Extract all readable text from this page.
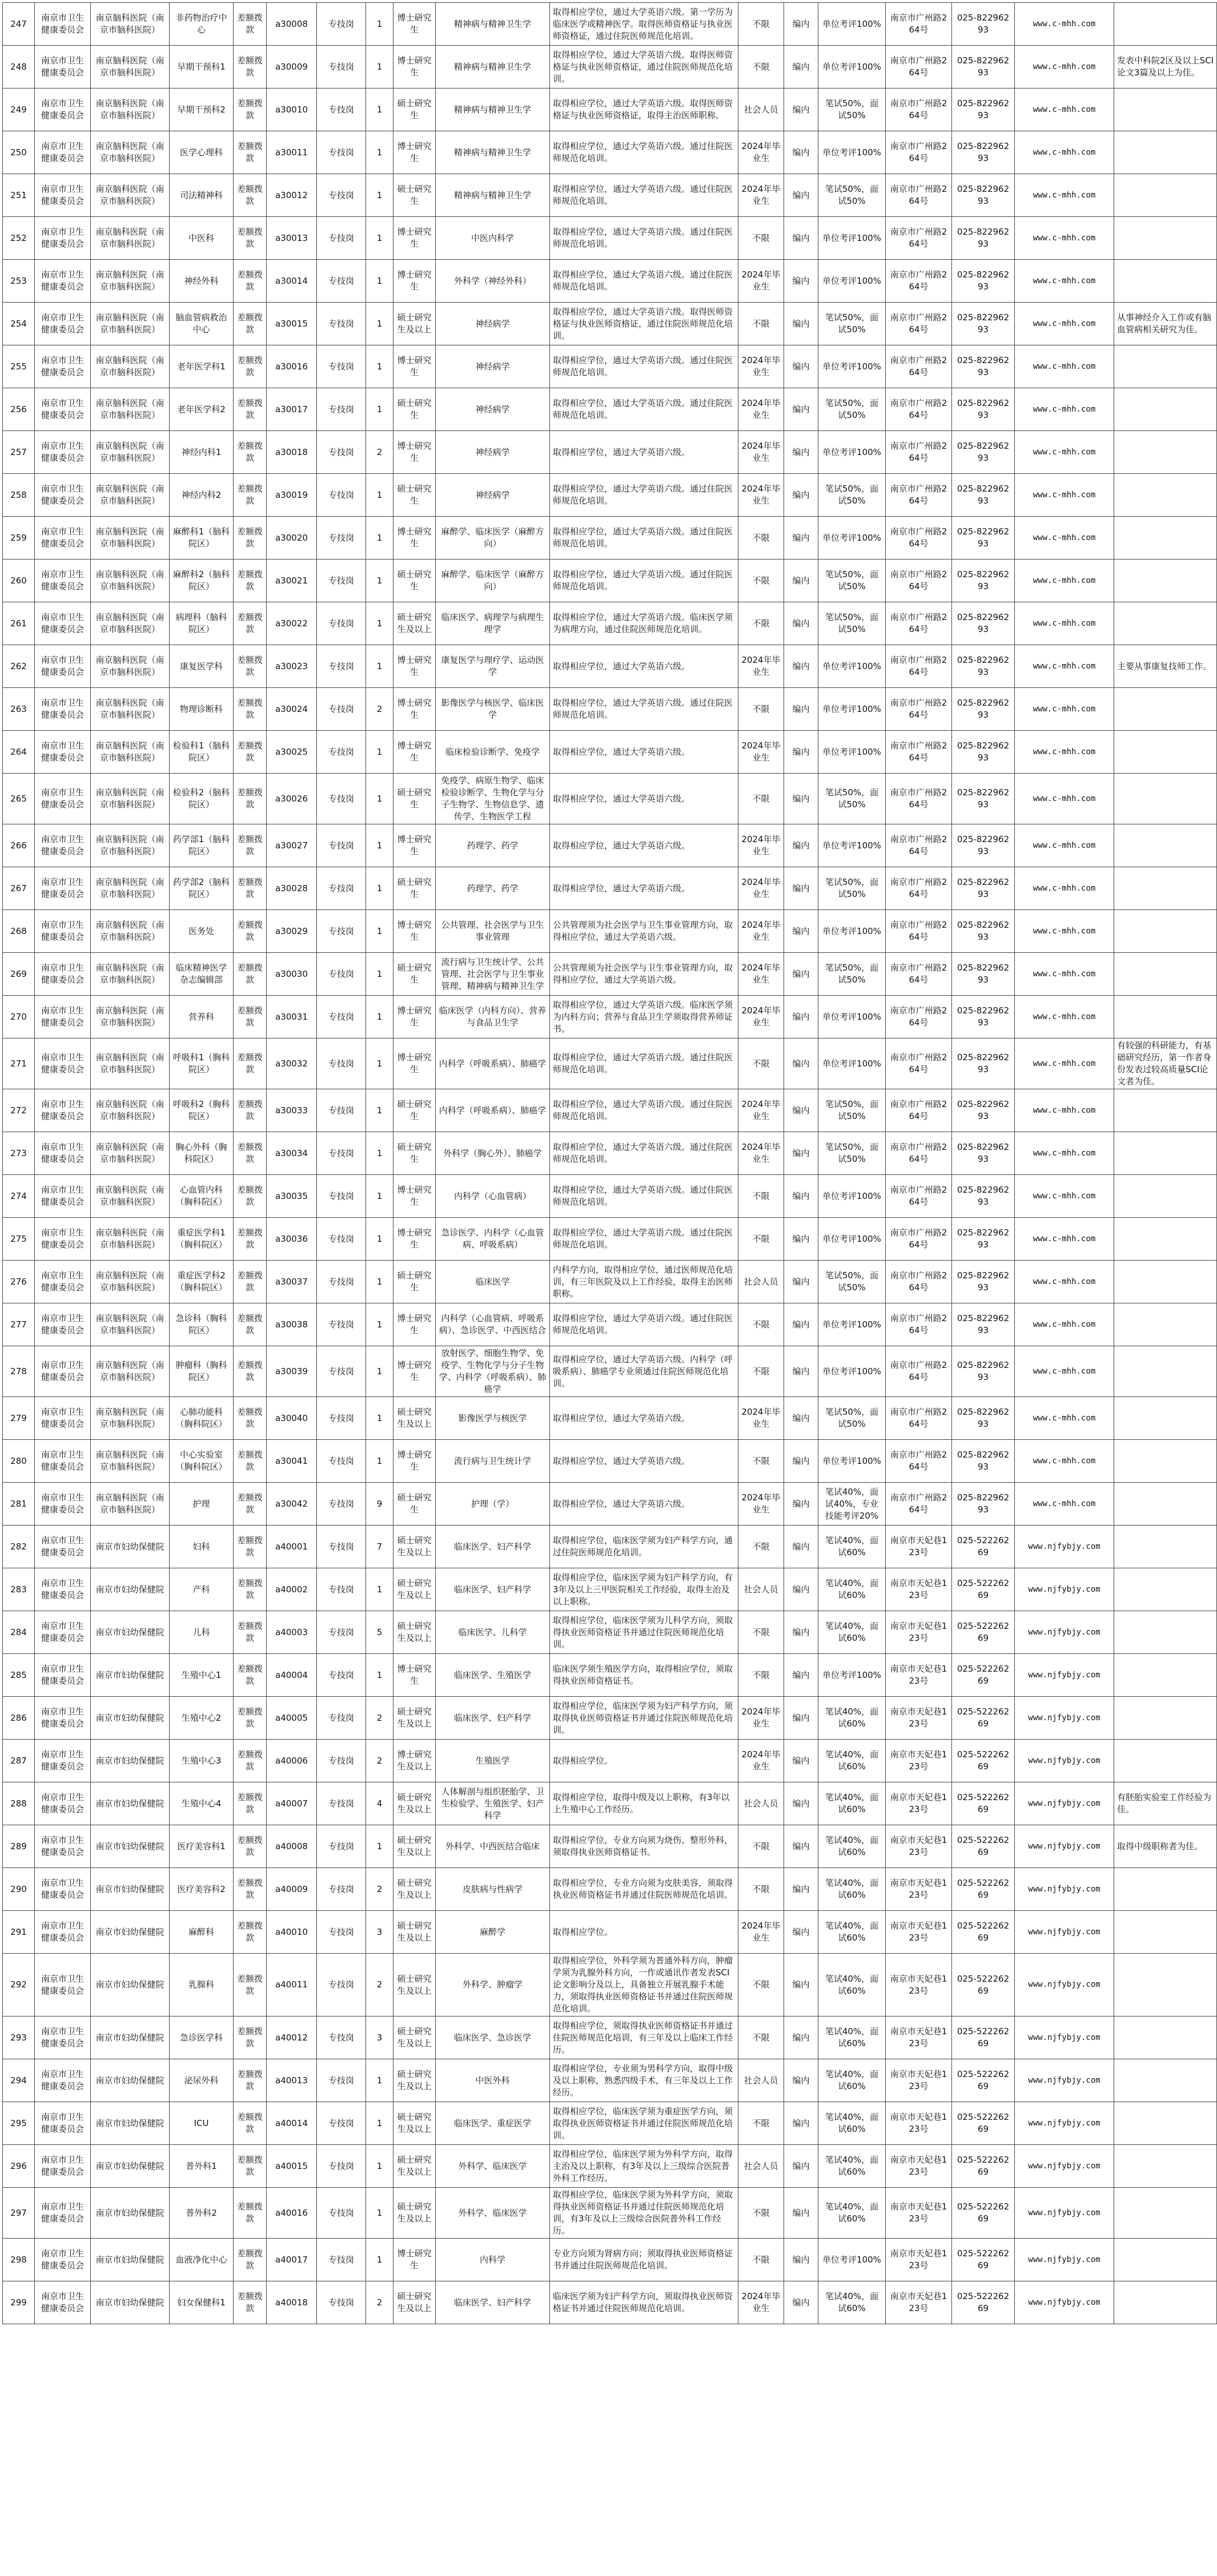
247	南京市卫生健康委员会	南京脑科医院（南京市脑科医院）	非药物治疗中心	差额拨款	a30008	专技岗	1	博士研究生	精神病与精神卫生学	取得相应学位，通过大学英语六级。第一学历为临床医学或精神医学。取得医师资格证与执业医师资格证，通过住院医师规范化培训。	不限	编内	单位考评100%	南京市广州路264号	025-82296293	www.c-mhh.com	
248	南京市卫生健康委员会	南京脑科医院（南京市脑科医院）	早期干预科1	差额拨款	a30009	专技岗	1	博士研究生	精神病与精神卫生学	取得相应学位，通过大学英语六级。取得医师资格证与执业医师资格证，通过住院医师规范化培训。	不限	编内	单位考评100%	南京市广州路264号	025-82296293	www.c-mhh.com	发表中科院2区及以上SCI论文3篇及以上为佳。
249	南京市卫生健康委员会	南京脑科医院（南京市脑科医院）	早期干预科2	差额拨款	a30010	专技岗	1	硕士研究生	精神病与精神卫生学	取得相应学位，通过大学英语六级。取得医师资格证与执业医师资格证，取得主治医师职称。	社会人员	编内	笔试50%，面试50%	南京市广州路264号	025-82296293	www.c-mhh.com	
250	南京市卫生健康委员会	南京脑科医院（南京市脑科医院）	医学心理科	差额拨款	a30011	专技岗	1	博士研究生	精神病与精神卫生学	取得相应学位，通过大学英语六级。通过住院医师规范化培训。	2024年毕业生	编内	单位考评100%	南京市广州路264号	025-82296293	www.c-mhh.com	
251	南京市卫生健康委员会	南京脑科医院（南京市脑科医院）	司法精神科	差额拨款	a30012	专技岗	1	硕士研究生	精神病与精神卫生学	取得相应学位，通过大学英语六级。通过住院医师规范化培训。	2024年毕业生	编内	笔试50%，面试50%	南京市广州路264号	025-82296293	www.c-mhh.com	
252	南京市卫生健康委员会	南京脑科医院（南京市脑科医院）	中医科	差额拨款	a30013	专技岗	1	博士研究生	中医内科学	取得相应学位，通过大学英语六级。通过住院医师规范化培训。	不限	编内	单位考评100%	南京市广州路264号	025-82296293	www.c-mhh.com	
253	南京市卫生健康委员会	南京脑科医院（南京市脑科医院）	神经外科	差额拨款	a30014	专技岗	1	博士研究生	外科学（神经外科）	取得相应学位，通过大学英语六级。通过住院医师规范化培训。	2024年毕业生	编内	单位考评100%	南京市广州路264号	025-82296293	www.c-mhh.com	
254	南京市卫生健康委员会	南京脑科医院（南京市脑科医院）	脑血管病救治中心	差额拨款	a30015	专技岗	1	硕士研究生及以上	神经病学	取得相应学位，通过大学英语六级。取得医师资格证与执业医师资格证，通过住院医师规范化培训。	不限	编内	笔试50%，面试50%	南京市广州路264号	025-82296293	www.c-mhh.com	从事神经介入工作或有脑血管病相关研究为佳。
255	南京市卫生健康委员会	南京脑科医院（南京市脑科医院）	老年医学科1	差额拨款	a30016	专技岗	1	博士研究生	神经病学	取得相应学位，通过大学英语六级。通过住院医师规范化培训。	2024年毕业生	编内	单位考评100%	南京市广州路264号	025-82296293	www.c-mhh.com	
256	南京市卫生健康委员会	南京脑科医院（南京市脑科医院）	老年医学科2	差额拨款	a30017	专技岗	1	硕士研究生	神经病学	取得相应学位，通过大学英语六级。通过住院医师规范化培训。	2024年毕业生	编内	笔试50%，面试50%	南京市广州路264号	025-82296293	www.c-mhh.com	
257	南京市卫生健康委员会	南京脑科医院（南京市脑科医院）	神经内科1	差额拨款	a30018	专技岗	2	博士研究生	神经病学	取得相应学位，通过大学英语六级。	2024年毕业生	编内	单位考评100%	南京市广州路264号	025-82296293	www.c-mhh.com	
258	南京市卫生健康委员会	南京脑科医院（南京市脑科医院）	神经内科2	差额拨款	a30019	专技岗	1	硕士研究生	神经病学	取得相应学位，通过大学英语六级。通过住院医师规范化培训。	2024年毕业生	编内	笔试50%，面试50%	南京市广州路264号	025-82296293	www.c-mhh.com	
259	南京市卫生健康委员会	南京脑科医院（南京市脑科医院）	麻醉科1（脑科院区）	差额拨款	a30020	专技岗	1	博士研究生	麻醉学、临床医学（麻醉方向）	取得相应学位，通过大学英语六级。通过住院医师规范化培训。	不限	编内	单位考评100%	南京市广州路264号	025-82296293	www.c-mhh.com	
260	南京市卫生健康委员会	南京脑科医院（南京市脑科医院）	麻醉科2（脑科院区）	差额拨款	a30021	专技岗	1	硕士研究生	麻醉学、临床医学（麻醉方向）	取得相应学位，通过大学英语六级。通过住院医师规范化培训。	不限	编内	笔试50%，面试50%	南京市广州路264号	025-82296293	www.c-mhh.com	
261	南京市卫生健康委员会	南京脑科医院（南京市脑科医院）	病理科（脑科院区）	差额拨款	a30022	专技岗	1	硕士研究生及以上	临床医学、病理学与病理生理学	取得相应学位，通过大学英语六级。临床医学须为病理方向，通过住院医师规范化培训。	不限	编内	笔试50%，面试50%	南京市广州路264号	025-82296293	www.c-mhh.com	
262	南京市卫生健康委员会	南京脑科医院（南京市脑科医院）	康复医学科	差额拨款	a30023	专技岗	1	博士研究生	康复医学与理疗学、运动医学	取得相应学位，通过大学英语六级。	2024年毕业生	编内	单位考评100%	南京市广州路264号	025-82296293	www.c-mhh.com	主要从事康复技师工作。
263	南京市卫生健康委员会	南京脑科医院（南京市脑科医院）	物理诊断科	差额拨款	a30024	专技岗	2	博士研究生	影像医学与核医学、临床医学	取得相应学位，通过大学英语六级。通过住院医师规范化培训。	不限	编内	单位考评100%	南京市广州路264号	025-82296293	www.c-mhh.com	
264	南京市卫生健康委员会	南京脑科医院（南京市脑科医院）	检验科1（脑科院区）	差额拨款	a30025	专技岗	1	博士研究生	临床检验诊断学、免疫学	取得相应学位，通过大学英语六级。	2024年毕业生	编内	单位考评100%	南京市广州路264号	025-82296293	www.c-mhh.com	
265	南京市卫生健康委员会	南京脑科医院（南京市脑科医院）	检验科2（脑科院区）	差额拨款	a30026	专技岗	1	硕士研究生	免疫学、病原生物学、临床检验诊断学、生物化学与分子生物学、生物信息学、遗传学、生物医学工程	取得相应学位，通过大学英语六级。	不限	编内	笔试50%，面试50%	南京市广州路264号	025-82296293	www.c-mhh.com	
266	南京市卫生健康委员会	南京脑科医院（南京市脑科医院）	药学部1（脑科院区）	差额拨款	a30027	专技岗	1	博士研究生	药理学、药学	取得相应学位，通过大学英语六级。	2024年毕业生	编内	单位考评100%	南京市广州路264号	025-82296293	www.c-mhh.com	
267	南京市卫生健康委员会	南京脑科医院（南京市脑科医院）	药学部2（脑科院区）	差额拨款	a30028	专技岗	1	硕士研究生	药理学、药学	取得相应学位，通过大学英语六级。	2024年毕业生	编内	笔试50%，面试50%	南京市广州路264号	025-82296293	www.c-mhh.com	
268	南京市卫生健康委员会	南京脑科医院（南京市脑科医院）	医务处	差额拨款	a30029	专技岗	1	博士研究生	公共管理、社会医学与卫生事业管理	公共管理须为社会医学与卫生事业管理方向，取得相应学位，通过大学英语六级。	2024年毕业生	编内	单位考评100%	南京市广州路264号	025-82296293	www.c-mhh.com	
269	南京市卫生健康委员会	南京脑科医院（南京市脑科医院）	临床精神医学杂志编辑部	差额拨款	a30030	专技岗	1	硕士研究生	流行病与卫生统计学、公共管理、社会医学与卫生事业管理、精神病与精神卫生学	公共管理须为社会医学与卫生事业管理方向，取得相应学位，通过大学英语六级。	2024年毕业生	编内	笔试50%，面试50%	南京市广州路264号	025-82296293	www.c-mhh.com	
270	南京市卫生健康委员会	南京脑科医院（南京市脑科医院）	营养科	差额拨款	a30031	专技岗	1	博士研究生	临床医学（内科方向）、营养与食品卫生学	取得相应学位，通过大学英语六级。临床医学须为内科方向；营养与食品卫生学须取得营养师证书。	2024年毕业生	编内	单位考评100%	南京市广州路264号	025-82296293	www.c-mhh.com	
271	南京市卫生健康委员会	南京脑科医院（南京市脑科医院）	呼吸科1（胸科院区）	差额拨款	a30032	专技岗	1	博士研究生	内科学（呼吸系病）、肺癌学	取得相应学位，通过大学英语六级。通过住院医师规范化培训。	不限	编内	单位考评100%	南京市广州路264号	025-82296293	www.c-mhh.com	有较强的科研能力，有基础研究经历，第一作者身份发表过较高质量SCI论文者为佳。
272	南京市卫生健康委员会	南京脑科医院（南京市脑科医院）	呼吸科2（胸科院区）	差额拨款	a30033	专技岗	1	硕士研究生	内科学（呼吸系病）、肺癌学	取得相应学位，通过大学英语六级。通过住院医师规范化培训。	2024年毕业生	编内	笔试50%，面试50%	南京市广州路264号	025-82296293	www.c-mhh.com	
273	南京市卫生健康委员会	南京脑科医院（南京市脑科医院）	胸心外科（胸科院区）	差额拨款	a30034	专技岗	1	硕士研究生	外科学（胸心外）、肺癌学	取得相应学位，通过大学英语六级。通过住院医师规范化培训。	2024年毕业生	编内	笔试50%，面试50%	南京市广州路264号	025-82296293	www.c-mhh.com	
274	南京市卫生健康委员会	南京脑科医院（南京市脑科医院）	心血管内科（胸科院区）	差额拨款	a30035	专技岗	1	博士研究生	内科学（心血管病）	取得相应学位，通过大学英语六级。通过住院医师规范化培训。	不限	编内	单位考评100%	南京市广州路264号	025-82296293	www.c-mhh.com	
275	南京市卫生健康委员会	南京脑科医院（南京市脑科医院）	重症医学科1（胸科院区）	差额拨款	a30036	专技岗	1	博士研究生	急诊医学、内科学（心血管病、呼吸系病）	取得相应学位，通过大学英语六级。通过住院医师规范化培训。	不限	编内	单位考评100%	南京市广州路264号	025-82296293	www.c-mhh.com	
276	南京市卫生健康委员会	南京脑科医院（南京市脑科医院）	重症医学科2（胸科院区）	差额拨款	a30037	专技岗	1	硕士研究生	临床医学	内科学方向，取得相应学位，通过医师规范化培训，有三年医院及以上工作经验，取得主治医师职称。	社会人员	编内	笔试50%，面试50%	南京市广州路264号	025-82296293	www.c-mhh.com	
277	南京市卫生健康委员会	南京脑科医院（南京市脑科医院）	急诊科（胸科院区）	差额拨款	a30038	专技岗	1	博士研究生	内科学（心血管病、呼吸系病）、急诊医学、中西医结合	取得相应学位，通过大学英语六级。通过住院医师规范化培训。	不限	编内	单位考评100%	南京市广州路264号	025-82296293	www.c-mhh.com	
278	南京市卫生健康委员会	南京脑科医院（南京市脑科医院）	肿瘤科（胸科院区）	差额拨款	a30039	专技岗	1	博士研究生	放射医学、细胞生物学、免疫学、生物化学与分子生物学、内科学（呼吸系病）、肺癌学	取得相应学位，通过大学英语六级。内科学（呼吸系病）、肺癌学专业须通过住院医师规范化培训。	不限	编内	单位考评100%	南京市广州路264号	025-82296293	www.c-mhh.com	
279	南京市卫生健康委员会	南京脑科医院（南京市脑科医院）	心肺功能科（胸科院区）	差额拨款	a30040	专技岗	1	硕士研究生及以上	影像医学与核医学	取得相应学位，通过大学英语六级。	2024年毕业生	编内	笔试50%，面试50%	南京市广州路264号	025-82296293	www.c-mhh.com	
280	南京市卫生健康委员会	南京脑科医院（南京市脑科医院）	中心实验室（胸科院区）	差额拨款	a30041	专技岗	1	博士研究生	流行病与卫生统计学	取得相应学位，通过大学英语六级。	不限	编内	单位考评100%	南京市广州路264号	025-82296293	www.c-mhh.com	
281	南京市卫生健康委员会	南京脑科医院（南京市脑科医院）	护理	差额拨款	a30042	专技岗	9	硕士研究生	护理（学）	取得相应学位，通过大学英语六级。	2024年毕业生	编内	笔试40%，面试40%，专业技能考评20%	南京市广州路264号	025-82296293	www.c-mhh.com	
282	南京市卫生健康委员会	南京市妇幼保健院	妇科	差额拨款	a40001	专技岗	7	硕士研究生及以上	临床医学、妇产科学	取得相应学位，临床医学须为妇产科学方向，通过住院医师规范化培训。	不限	编内	笔试40%，面试60%	南京市天妃巷123号	025-52226269	www.njfybjy.com	
283	南京市卫生健康委员会	南京市妇幼保健院	产科	差额拨款	a40002	专技岗	1	硕士研究生及以上	临床医学、妇产科学	取得相应学位，临床医学须为妇产科学方向，有3年及以上三甲医院相关工作经验，取得主治及以上职称。	社会人员	编内	笔试40%，面试60%	南京市天妃巷123号	025-52226269	www.njfybjy.com	
284	南京市卫生健康委员会	南京市妇幼保健院	儿科	差额拨款	a40003	专技岗	5	硕士研究生及以上	临床医学、儿科学	取得相应学位，临床医学须为儿科学方向，须取得执业医师资格证书并通过住院医师规范化培训。	不限	编内	笔试40%，面试60%	南京市天妃巷123号	025-52226269	www.njfybjy.com	
285	南京市卫生健康委员会	南京市妇幼保健院	生殖中心1	差额拨款	a40004	专技岗	1	博士研究生	临床医学、生殖医学	临床医学须生殖医学方向，取得相应学位，须取得执业医师资格证书。	不限	编内	单位考评100%	南京市天妃巷123号	025-52226269	www.njfybjy.com	
286	南京市卫生健康委员会	南京市妇幼保健院	生殖中心2	差额拨款	a40005	专技岗	2	硕士研究生及以上	临床医学、妇产科学	取得相应学位，临床医学须为妇产科学方向，须取得执业医师资格证书并通过住院医师规范化培训。	2024年毕业生	编内	笔试40%，面试60%	南京市天妃巷123号	025-52226269	www.njfybjy.com	
287	南京市卫生健康委员会	南京市妇幼保健院	生殖中心3	差额拨款	a40006	专技岗	2	博士研究生及以上	生殖医学	取得相应学位。	2024年毕业生	编内	笔试40%，面试60%	南京市天妃巷123号	025-52226269	www.njfybjy.com	
288	南京市卫生健康委员会	南京市妇幼保健院	生殖中心4	差额拨款	a40007	专技岗	4	硕士研究生及以上	人体解剖与组织胚胎学、卫生检验学、生殖医学、妇产科学	取得相应学位，取得中级及以上职称，有3年以上生殖中心工作经历。	社会人员	编内	笔试40%，面试60%	南京市天妃巷123号	025-52226269	www.njfybjy.com	有胚胎实验室工作经验为佳。
289	南京市卫生健康委员会	南京市妇幼保健院	医疗美容科1	差额拨款	a40008	专技岗	1	硕士研究生及以上	外科学、中西医结合临床	取得相应学位，专业方向须为烧伤、整形外科，须取得执业医师资格证书。	不限	编内	笔试40%，面试60%	南京市天妃巷123号	025-52226269	www.njfybjy.com	取得中级职称者为佳。
290	南京市卫生健康委员会	南京市妇幼保健院	医疗美容科2	差额拨款	a40009	专技岗	2	硕士研究生及以上	皮肤病与性病学	取得相应学位，专业方向须为皮肤美容，须取得执业医师资格证书并通过住院医师规范化培训。	不限	编内	笔试40%，面试60%	南京市天妃巷123号	025-52226269	www.njfybjy.com	
291	南京市卫生健康委员会	南京市妇幼保健院	麻醉科	差额拨款	a40010	专技岗	3	硕士研究生及以上	麻醉学	取得相应学位。	2024年毕业生	编内	笔试40%，面试60%	南京市天妃巷123号	025-52226269	www.njfybjy.com	
292	南京市卫生健康委员会	南京市妇幼保健院	乳腺科	差额拨款	a40011	专技岗	2	硕士研究生及以上	外科学、肿瘤学	取得相应学位，外科学须为普通外科方向，肿瘤学须为乳腺外科方向，一作或通讯作者发表SCI论文影响分及以上，具备独立开展乳腺手术能力，须取得执业医师资格证书并通过住院医师规范化培训。	不限	编内	笔试40%，面试60%	南京市天妃巷123号	025-52226269	www.njfybjy.com	
293	南京市卫生健康委员会	南京市妇幼保健院	急诊医学科	差额拨款	a40012	专技岗	3	硕士研究生及以上	临床医学、急诊医学	取得相应学位，须取得执业医师资格证书并通过住院医师规范化培训，有三年及以上临床工作经历。	不限	编内	笔试40%，面试60%	南京市天妃巷123号	025-52226269	www.njfybjy.com	
294	南京市卫生健康委员会	南京市妇幼保健院	泌尿外科	差额拨款	a40013	专技岗	1	硕士研究生及以上	中医外科	取得相应学位，专业须为男科学方向，取得中级及以上职称，熟悉四级手术，有三年及以上工作经历。	社会人员	编内	笔试40%，面试60%	南京市天妃巷123号	025-52226269	www.njfybjy.com	
295	南京市卫生健康委员会	南京市妇幼保健院	ICU	差额拨款	a40014	专技岗	1	硕士研究生及以上	临床医学、重症医学	取得相应学位，临床医学须为重症医学方向，须取得执业医师资格证书并通过住院医师规范化培训。	不限	编内	笔试40%，面试60%	南京市天妃巷123号	025-52226269	www.njfybjy.com	
296	南京市卫生健康委员会	南京市妇幼保健院	普外科1	差额拨款	a40015	专技岗	1	硕士研究生及以上	外科学、临床医学	取得相应学位，临床医学须为外科学方向，取得主治及以上职称，有3年及以上三级综合医院普外科工作经历。	社会人员	编内	笔试40%，面试60%	南京市天妃巷123号	025-52226269	www.njfybjy.com	
297	南京市卫生健康委员会	南京市妇幼保健院	普外科2	差额拨款	a40016	专技岗	1	硕士研究生及以上	外科学、临床医学	取得相应学位，临床医学须为外科学方向，须取得执业医师资格证书并通过住院医师规范化培训，有3年及以上三级综合医院普外科工作经历。	不限	编内	笔试40%，面试60%	南京市天妃巷123号	025-52226269	www.njfybjy.com	
298	南京市卫生健康委员会	南京市妇幼保健院	血液净化中心	差额拨款	a40017	专技岗	1	博士研究生	内科学	专业方向须为肾病方向；须取得执业医师资格证书并通过住院医师规范化培训。	不限	编内	单位考评100%	南京市天妃巷123号	025-52226269	www.njfybjy.com	
299	南京市卫生健康委员会	南京市妇幼保健院	妇女保健科1	差额拨款	a40018	专技岗	2	硕士研究生及以上	临床医学、妇产科学	临床医学须为妇产科学方向，须取得执业医师资格证书并通过住院医师规范化培训。	2024年毕业生	编内	笔试40%，面试60%	南京市天妃巷123号	025-52226269	www.njfybjy.com	
